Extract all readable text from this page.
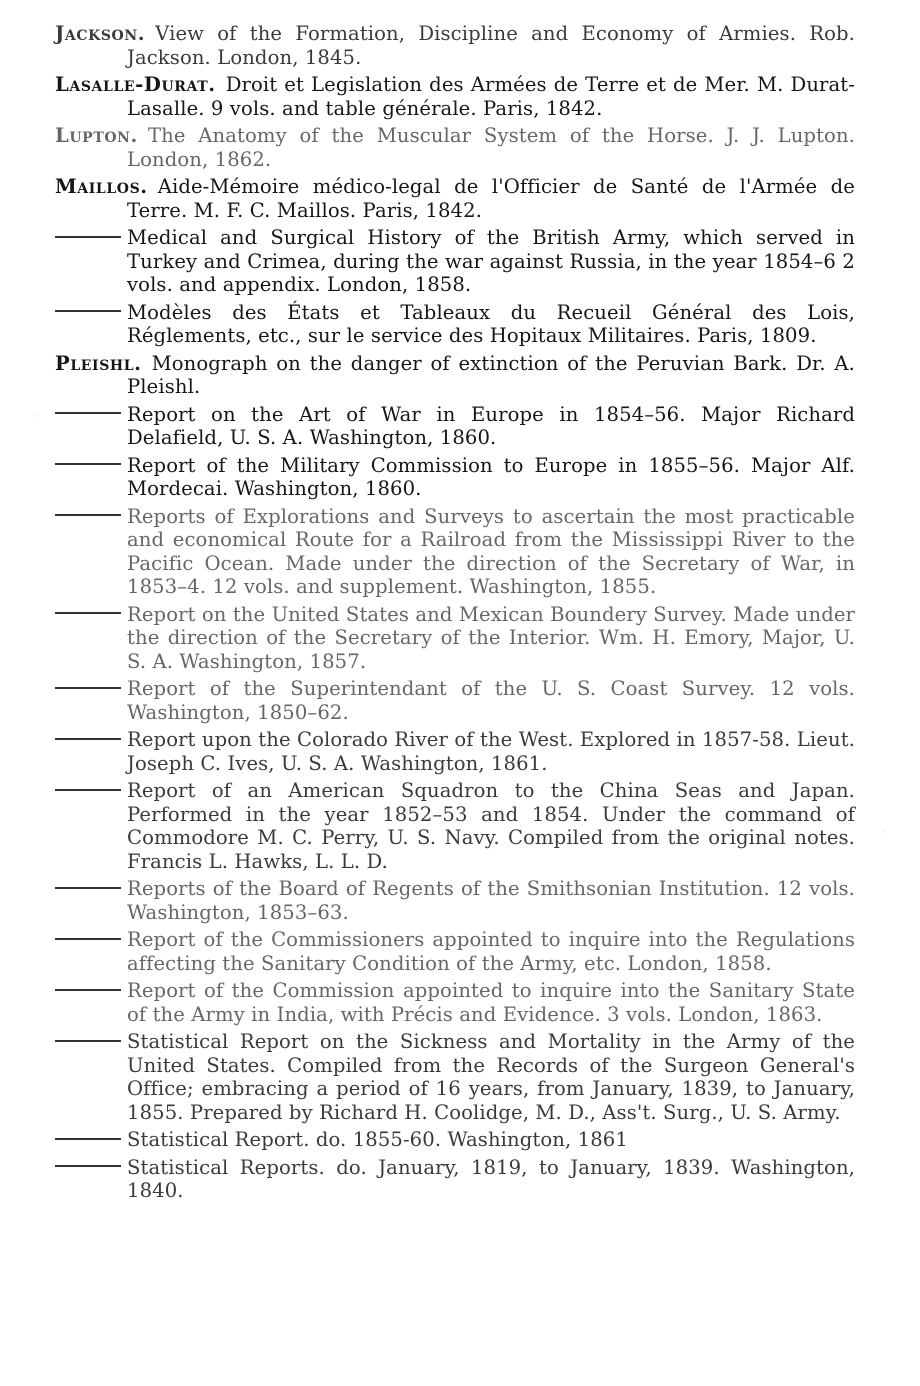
Jackson. View of the Formation, Discipline and Economy of Armies. Rob. Jackson. London, 1845.
Lasalle-Durat. Droit et Legislation des Armées de Terre et de Mer. M. Durat-Lasalle. 9 vols. and table générale. Paris, 1842.
Lupton. The Anatomy of the Muscular System of the Horse. J. J. Lupton. London, 1862.
Maillos. Aide-Mémoire médico-legal de l'Officier de Santé de l'Armée de Terre. M. F. C. Maillos. Paris, 1842.
Medical and Surgical History of the British Army, which served in Turkey and Crimea, during the war against Russia, in the year 1854–6 2 vols. and appendix. London, 1858.
Modèles des États et Tableaux du Recueil Général des Lois, Réglements, etc., sur le service des Hopitaux Militaires. Paris, 1809.
Pleishl. Monograph on the danger of extinction of the Peruvian Bark. Dr. A. Pleishl.
Report on the Art of War in Europe in 1854–56. Major Richard Delafield, U. S. A. Washington, 1860.
Report of the Military Commission to Europe in 1855–56. Major Alf. Mordecai. Washington, 1860.
Reports of Explorations and Surveys to ascertain the most practicable and economical Route for a Railroad from the Mississippi River to the Pacific Ocean. Made under the direction of the Secretary of War, in 1853–4. 12 vols. and supplement. Washington, 1855.
Report on the United States and Mexican Boundery Survey. Made under the direction of the Secretary of the Interior. Wm. H. Emory, Major, U. S. A. Washington, 1857.
Report of the Superintendant of the U. S. Coast Survey. 12 vols. Washington, 1850–62.
Report upon the Colorado River of the West. Explored in 1857-58. Lieut. Joseph C. Ives, U. S. A. Washington, 1861.
Report of an American Squadron to the China Seas and Japan. Performed in the year 1852–53 and 1854. Under the command of Commodore M. C. Perry, U. S. Navy. Compiled from the original notes. Francis L. Hawks, L. L. D.
Reports of the Board of Regents of the Smithsonian Institution. 12 vols. Washington, 1853–63.
Report of the Commissioners appointed to inquire into the Regulations affecting the Sanitary Condition of the Army, etc. London, 1858.
Report of the Commission appointed to inquire into the Sanitary State of the Army in India, with Précis and Evidence. 3 vols. London, 1863.
Statistical Report on the Sickness and Mortality in the Army of the United States. Compiled from the Records of the Surgeon General's Office; embracing a period of 16 years, from January, 1839, to January, 1855. Prepared by Richard H. Coolidge, M. D., Ass't. Surg., U. S. Army.
Statistical Report. do. 1855-60. Washington, 1861
Statistical Reports. do. January, 1819, to January, 1839. Washington, 1840.
